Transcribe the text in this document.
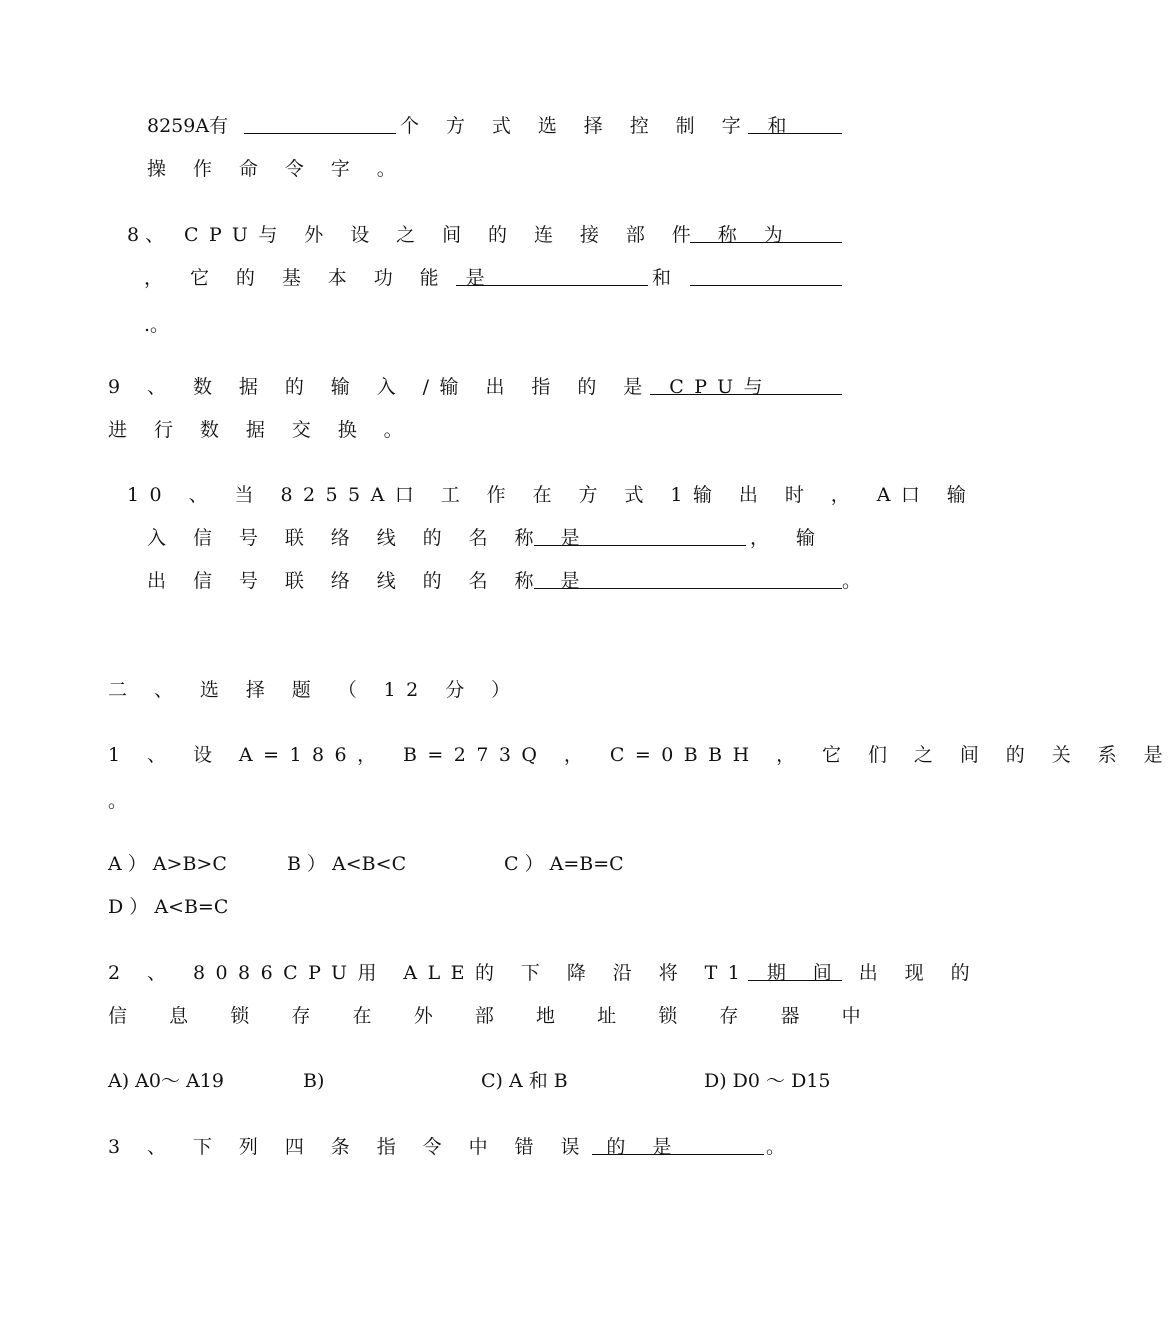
8259A有	个 方 式 选 择 控 制 字 和
操 作 命 令 字 。
8 、 CPU与 外 设 之 间 的 连 接 部 件 称 为
， 它 的 基 本 功 能 是	和
.。
9 、 数 据 的 输 入 /输 出 指 的 是 CPU与
进 行 数 据 交 换 。
10 、 当 8255A口 工 作 在 方 式 1输 出 时 ， A口 输
入 信 号 联 络 线 的 名 称 是	， 输
出 信 号 联 络 线 的 名 称 是	。
二 、 选 择 题 （ 12 分 ）
1 、 设 A=186， B=273Q ， C=0BBH ， 它 们 之 间 的 关 系 是
。
A ） A>B>C	B ） A<B<C	C ） A=B=C
D ） A<B=C
2 、 8086CPU用 ALE的 下 降 沿 将 T1 期 间 出 现 的
信 息 锁 存 在 外 部 地 址 锁 存 器 中
A) A0～ A19	B)	C) A 和 B	D) D0 ～ D15
3 、 下 列 四 条 指 令 中 错 误 的 是	。
